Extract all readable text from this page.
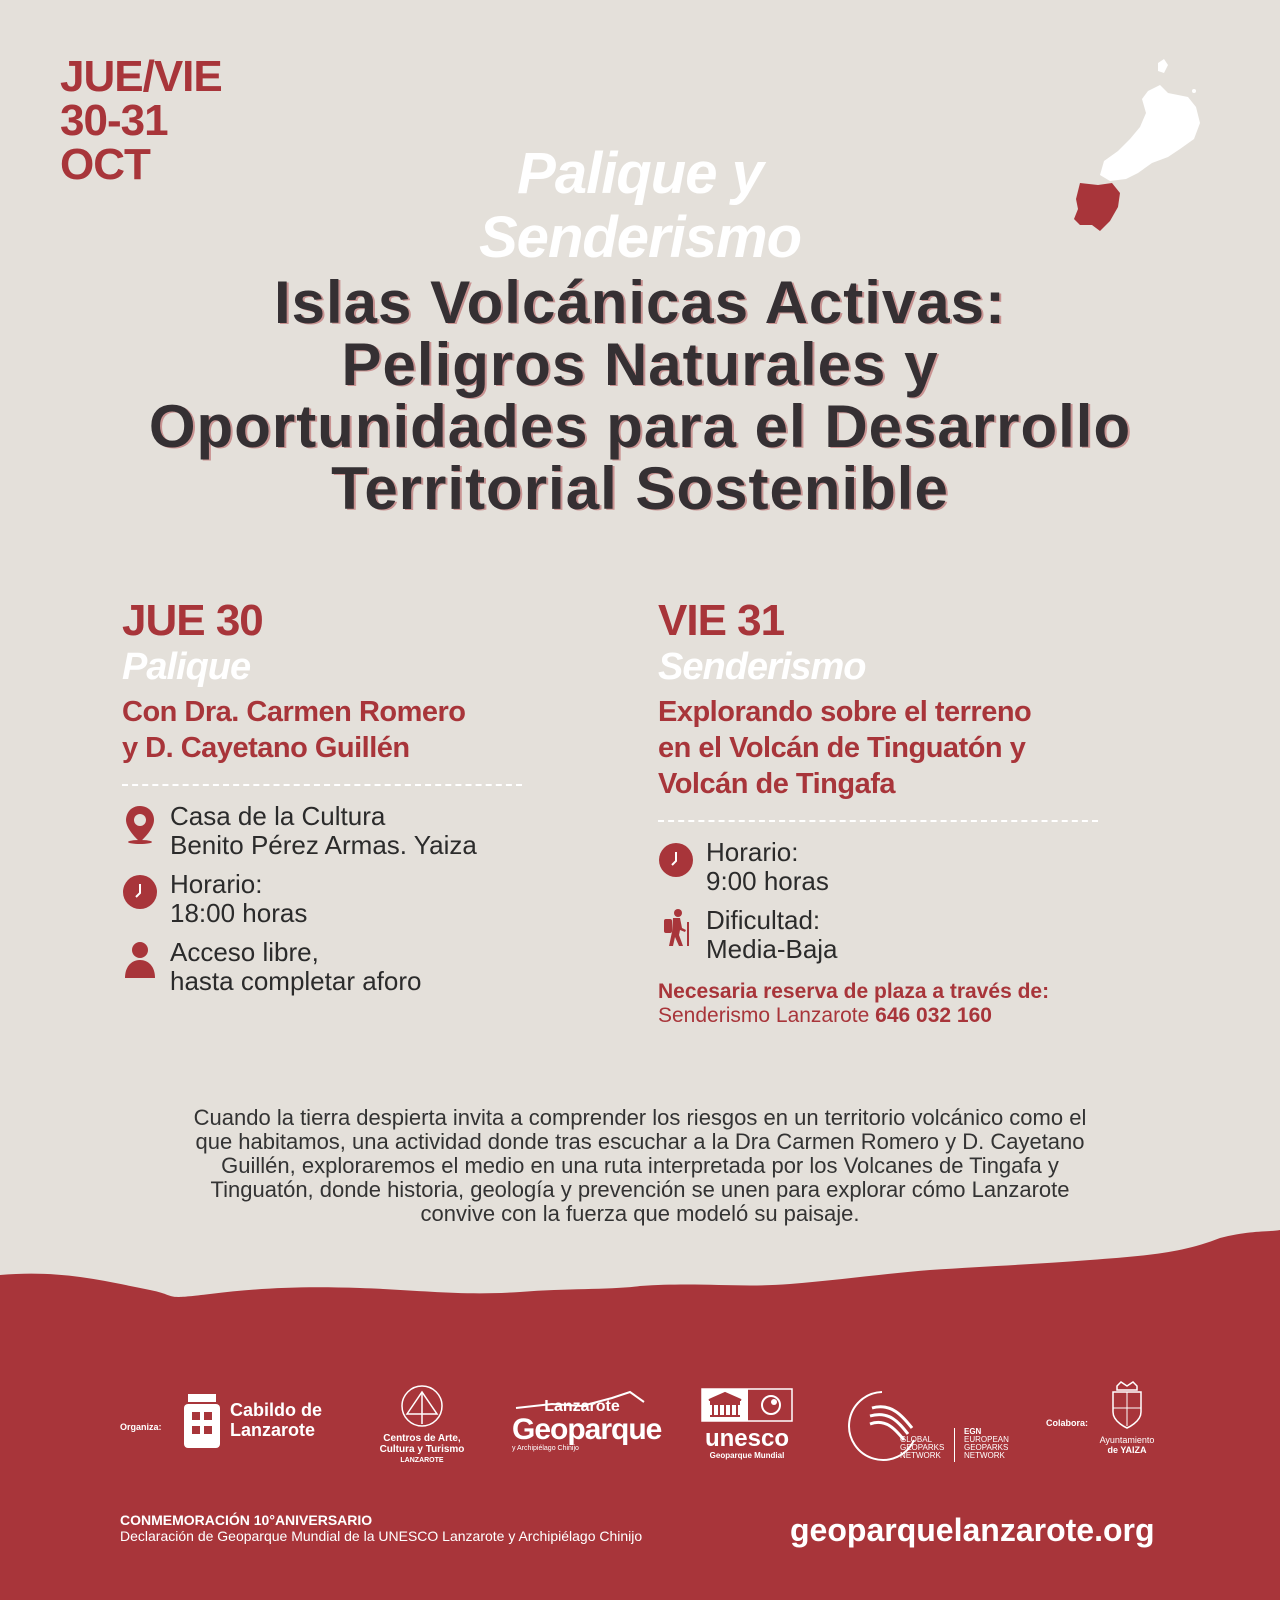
JUE/VIE
30-31
OCT	Palique y
Senderismo
Islas Volcánicas Activas:
Peligros Naturales y
Oportunidades para el Desarrollo
Territorial Sostenible
JUE 30
Palique
Con Dra. Carmen Romero
y D. Cayetano Guillén
Casa de la Cultura
Benito Pérez Armas. Yaiza
Horario:
18:00 horas
Acceso libre,
hasta completar aforo
VIE 31
Senderismo
Explorando sobre el terreno
en el Volcán de Tinguatón y
Volcán de Tingafa
Horario:
9:00 horas
Dificultad:
Media-Baja
Necesaria reserva de plaza a través de:
Senderismo Lanzarote 646 032 160
Cuando la tierra despierta invita a comprender los riesgos en un territorio volcánico como el
que habitamos, una actividad donde tras escuchar a la Dra Carmen Romero y D. Cayetano
Guillén, exploraremos el medio en una ruta interpretada por los Volcanes de Tingafa y
Tinguatón, donde historia, geología y prevención se unen para explorar cómo Lanzarote
convive con la fuerza que modeló su paisaje.
Organiza:
Cabildo de
Lanzarote	Centros de Arte,
Cultura y Turismo
LANZAROTE
Lanzarote
Geoparque
y Archipiélago Chinijo	unesco
Geoparque Mundial
GLOBAL
GEOPARKS
NETWORK
EGN
EUROPEAN
GEOPARKS
NETWORK
Colabora:
Ayuntamiento
de YAIZA
CONMEMORACIÓN 10°ANIVERSARIO
Declaración de Geoparque Mundial de la UNESCO Lanzarote y Archipiélago Chinijo	geoparquelanzarote.org
